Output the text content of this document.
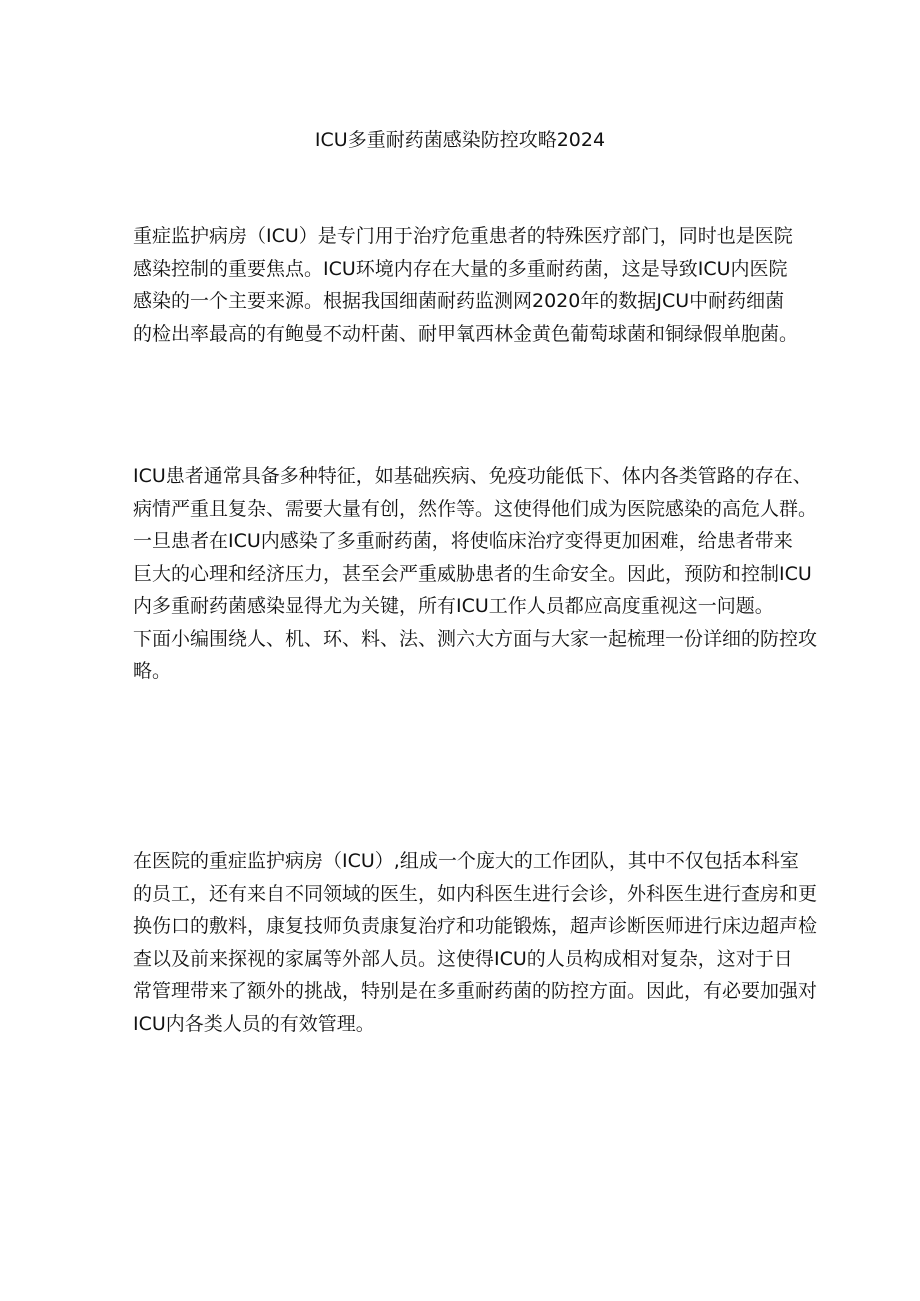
ICU多重耐药菌感染防控攻略2024

重症监护病房（ICU）是专门用于治疗危重患者的特殊医疗部门，同时也是医院
感染控制的重要焦点。ICU环境内存在大量的多重耐药菌，这是导致ICU内医院
感染的一个主要来源。根据我国细菌耐药监测网2020年的数据JCU中耐药细菌
的检出率最高的有鲍曼不动杆菌、耐甲氧西林金黄色葡萄球菌和铜绿假单胞菌。

ICU患者通常具备多种特征，如基础疾病、免疫功能低下、体内各类管路的存在、
病情严重且复杂、需要大量有创，然作等。这使得他们成为医院感染的高危人群。
一旦患者在ICU内感染了多重耐药菌，将使临床治疗变得更加困难，给患者带来
巨大的心理和经济压力，甚至会严重威胁患者的生命安全。因此，预防和控制ICU
内多重耐药菌感染显得尤为关键，所有ICU工作人员都应高度重视这一问题。
下面小编围绕人、机、环、料、法、测六大方面与大家一起梳理一份详细的防控攻
略。

在医院的重症监护病房（ICU）,组成一个庞大的工作团队，其中不仅包括本科室
的员工，还有来自不同领域的医生，如内科医生进行会诊，外科医生进行查房和更
换伤口的敷料，康复技师负责康复治疗和功能锻炼，超声诊断医师进行床边超声检
查以及前来探视的家属等外部人员。这使得ICU的人员构成相对复杂，这对于日
常管理带来了额外的挑战，特别是在多重耐药菌的防控方面。因此，有必要加强对
ICU内各类人员的有效管理。
